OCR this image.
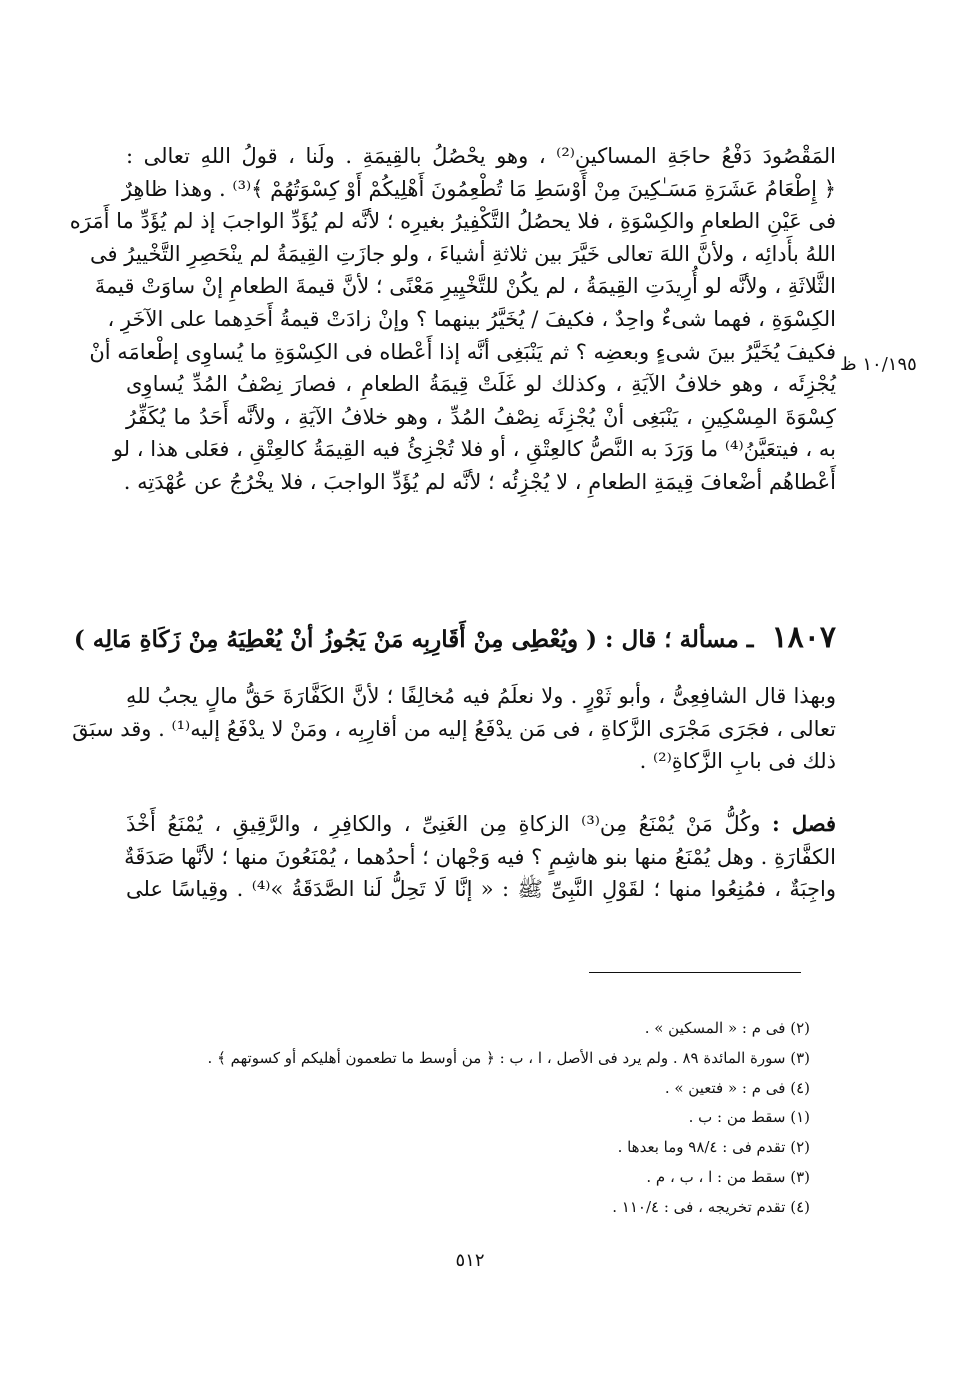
المَقْصُودَ دَفْعُ حاجَةِ المساكينِ⁽²⁾ ، وهو يحْصُلُ بالقِيمَةِ . ولَنا ، قولُ اللهِ تعالى :
﴿ إِطْعَامُ عَشَرَةِ مَسَـٰكِينَ مِنْ أَوْسَطِ مَا تُطْعِمُونَ أَهْلِيكُمْ أَوْ كِسْوَتُهُمْ ﴾⁽³⁾ . وهذا ظاهِرٌ
فى عَيْنِ الطعامِ والكِسْوَةِ ، فلا يحصُلُ التَّكْفِيرُ بغيرِه ؛ لأنَّه لم يُؤَدِّ الواجبَ إذ لم يُؤَدِّ ما أَمَرَه
اللهُ بأَدائِه ، ولأنَّ اللهَ تعالى خَيَّرَ بين ثلاثةِ أشياءَ ، ولو جازَتِ القِيمَةُ لم ينْحَصِرِ التَّخْييرُ فى
الثَّلاثَةِ ، ولأنَّه لو أُرِيدَتِ القِيمَةُ ، لم يكُنْ للتَّخْيِيرِ مَعْنًى ؛ لأنَّ قيمةَ الطعامِ إنْ ساوَتْ قيمةَ
الكِسْوَةِ ، فهما شىءٌ واحِدٌ ، فكيفَ / يُخَيَّرُ بينهما ؟ وإنْ زادَتْ قيمةُ أَحَدِهما على الآخَرِ ،
فكيفَ يُخَيَّرُ بينَ شىءٍ وبعضِه ؟ ثم يَنْبَغِى أنَّه إذا أَعْطاه فى الكِسْوَةِ ما يُساوِى إطْعامَه أنْ
يُجْزِئَه ، وهو خلافُ الآيَةِ ، وكذلك لو غَلَتْ قِيمَةُ الطعامِ ، فصارَ نِصْفُ المُدِّ يُساوِى
كِسْوَةَ المِسْكِينِ ، يَنْبَغِى أنْ يُجْزِئَه نِصْفُ المُدِّ ، وهو خلافُ الآيَةِ ، ولأنَّه أَحَدُ ما يُكَفِّرُ
به ، فيتعَيَّنُ⁽⁴⁾ ما وَرَدَ به النَّصُّ كالعِتْقِ ، أو فلا تُجْزِئُ فيه القِيمَةُ كالعِتْقِ ، فعَلى هذا ، لو
أَعْطاهُم أضْعافَ قِيمَةِ الطعامِ ، لا يُجْزِئُه ؛ لأنَّه لم يُؤَدِّ الواجبَ ، فلا يخْرُجُ عن عُهْدَتِه .
١٠/١٩٥ ظ
١٨٠٧ ـ مسألة ؛ قال : ( ويُعْطِى مِنْ أَقَارِبِه مَنْ يَجُوزُ أنْ يُعْطِيَهُ مِنْ زَكَاةِ مَالِه )
وبهذا قال الشافِعِىُّ ، وأبو ثَوْرٍ . ولا نعلَمُ فيه مُخالِفًا ؛ لأنَّ الكَفَّارَةَ حَقُّ مالٍ يجبُ للهِ
تعالى ، فجَرَى مَجْرَى الزَّكاةِ ، فى مَن يدْفَعُ إليه من أقارِبِه ، ومَنْ لا يدْفَعُ إليه⁽¹⁾ . وقد سبَقَ
ذلك فى بابِ الزَّكاةِ⁽²⁾ .
فصل : وكُلُّ مَنْ يُمْنَعُ مِن⁽³⁾ الزكاةِ مِن الغَنِىِّ ، والكافِرِ ، والرَّقِيقِ ، يُمْنَعُ أَخْذَ
الكفَّارَةِ . وهل يُمْنَعُ منها بنو هاشِمٍ ؟ فيه وَجْهان ؛ أحدُهما ، يُمْنَعُونَ منها ؛ لأنَّها صَدَقَةٌ
واجِبَةٌ ، فمُنِعُوا منها ؛ لقَوْلِ النَّبِىِّ ﷺ : « إنَّا لَا تَحِلُّ لَنا الصَّدَقَةُ »⁽⁴⁾ . وقِياسًا على
(٢) فى م : « المسكين » .
(٣) سورة المائدة ٨٩ . ولم يرد فى الأصل ، ا ، ب : ﴿ من أوسط ما تطعمون أهليكم أو كسوتهم ﴾ .
(٤) فى م : « فتعين » .
(١) سقط من : ب .
(٢) تقدم فى : ٩٨/٤ وما بعدها .
(٣) سقط من : ا ، ب ، م .
(٤) تقدم تخريجه ، فى : ١١٠/٤ .
٥١٢
